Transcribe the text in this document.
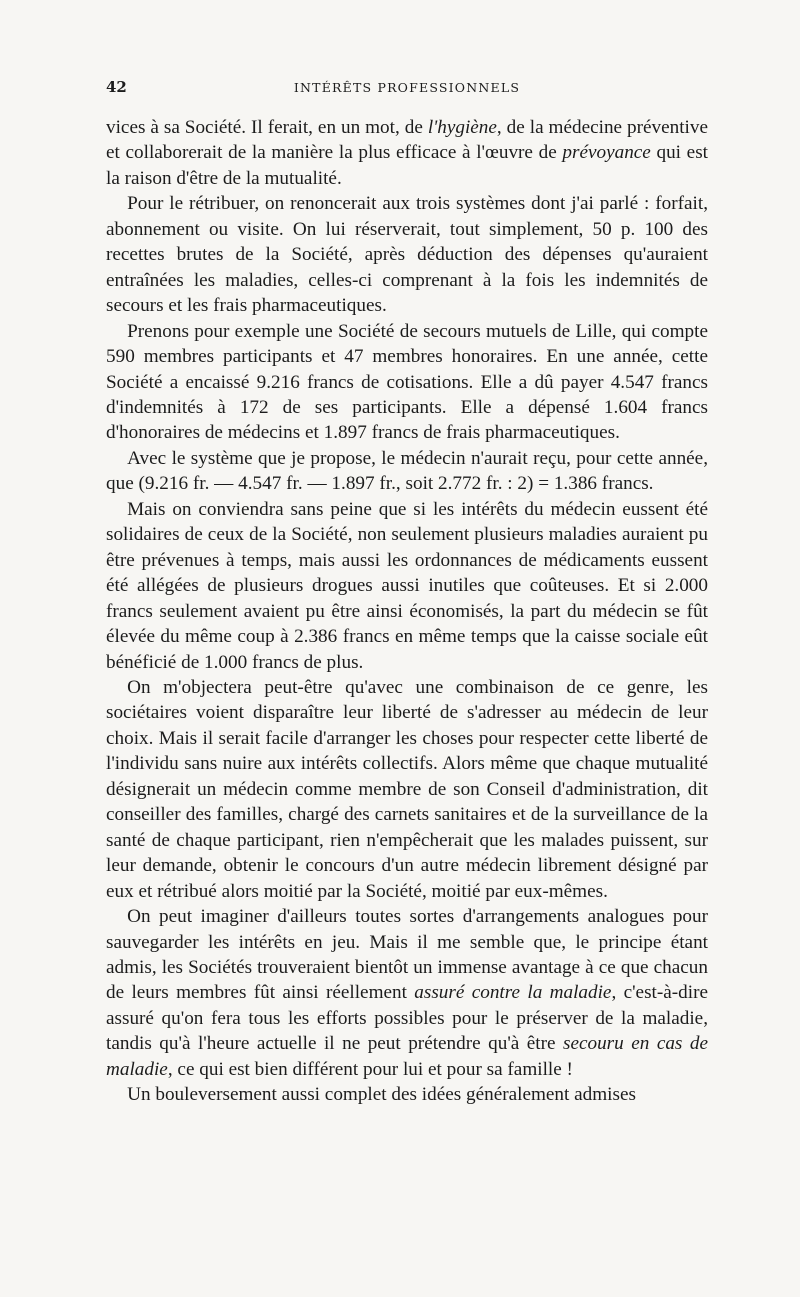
42	INTÉRÊTS PROFESSIONNELS

vices à sa Société. Il ferait, en un mot, de l'hygiène, de la médecine préventive et collaborerait de la manière la plus efficace à l'œuvre de prévoyance qui est la raison d'être de la mutualité.

Pour le rétribuer, on renoncerait aux trois systèmes dont j'ai parlé : forfait, abonnement ou visite. On lui réserverait, tout simplement, 50 p. 100 des recettes brutes de la Société, après déduction des dépenses qu'auraient entraînées les maladies, celles-ci comprenant à la fois les indemnités de secours et les frais pharmaceutiques.

Prenons pour exemple une Société de secours mutuels de Lille, qui compte 590 membres participants et 47 membres honoraires. En une année, cette Société a encaissé 9.216 francs de cotisations. Elle a dû payer 4.547 francs d'indemnités à 172 de ses participants. Elle a dépensé 1.604 francs d'honoraires de médecins et 1.897 francs de frais pharmaceutiques.

Avec le système que je propose, le médecin n'aurait reçu, pour cette année, que (9.216 fr. — 4.547 fr. — 1.897 fr., soit 2.772 fr. : 2) = 1.386 francs.

Mais on conviendra sans peine que si les intérêts du médecin eussent été solidaires de ceux de la Société, non seulement plusieurs maladies auraient pu être prévenues à temps, mais aussi les ordonnances de médicaments eussent été allégées de plusieurs drogues aussi inutiles que coûteuses. Et si 2.000 francs seulement avaient pu être ainsi économisés, la part du médecin se fût élevée du même coup à 2.386 francs en même temps que la caisse sociale eût bénéficié de 1.000 francs de plus.

On m'objectera peut-être qu'avec une combinaison de ce genre, les sociétaires voient disparaître leur liberté de s'adresser au médecin de leur choix. Mais il serait facile d'arranger les choses pour respecter cette liberté de l'individu sans nuire aux intérêts collectifs. Alors même que chaque mutualité désignerait un médecin comme membre de son Conseil d'administration, dit conseiller des familles, chargé des carnets sanitaires et de la surveillance de la santé de chaque participant, rien n'empêcherait que les malades puissent, sur leur demande, obtenir le concours d'un autre médecin librement désigné par eux et rétribué alors moitié par la Société, moitié par eux-mêmes.

On peut imaginer d'ailleurs toutes sortes d'arrangements analogues pour sauvegarder les intérêts en jeu. Mais il me semble que, le principe étant admis, les Sociétés trouveraient bientôt un immense avantage à ce que chacun de leurs membres fût ainsi réellement assuré contre la maladie, c'est-à-dire assuré qu'on fera tous les efforts possibles pour le préserver de la maladie, tandis qu'à l'heure actuelle il ne peut prétendre qu'à être secouru en cas de maladie, ce qui est bien différent pour lui et pour sa famille !

Un bouleversement aussi complet des idées généralement admises
